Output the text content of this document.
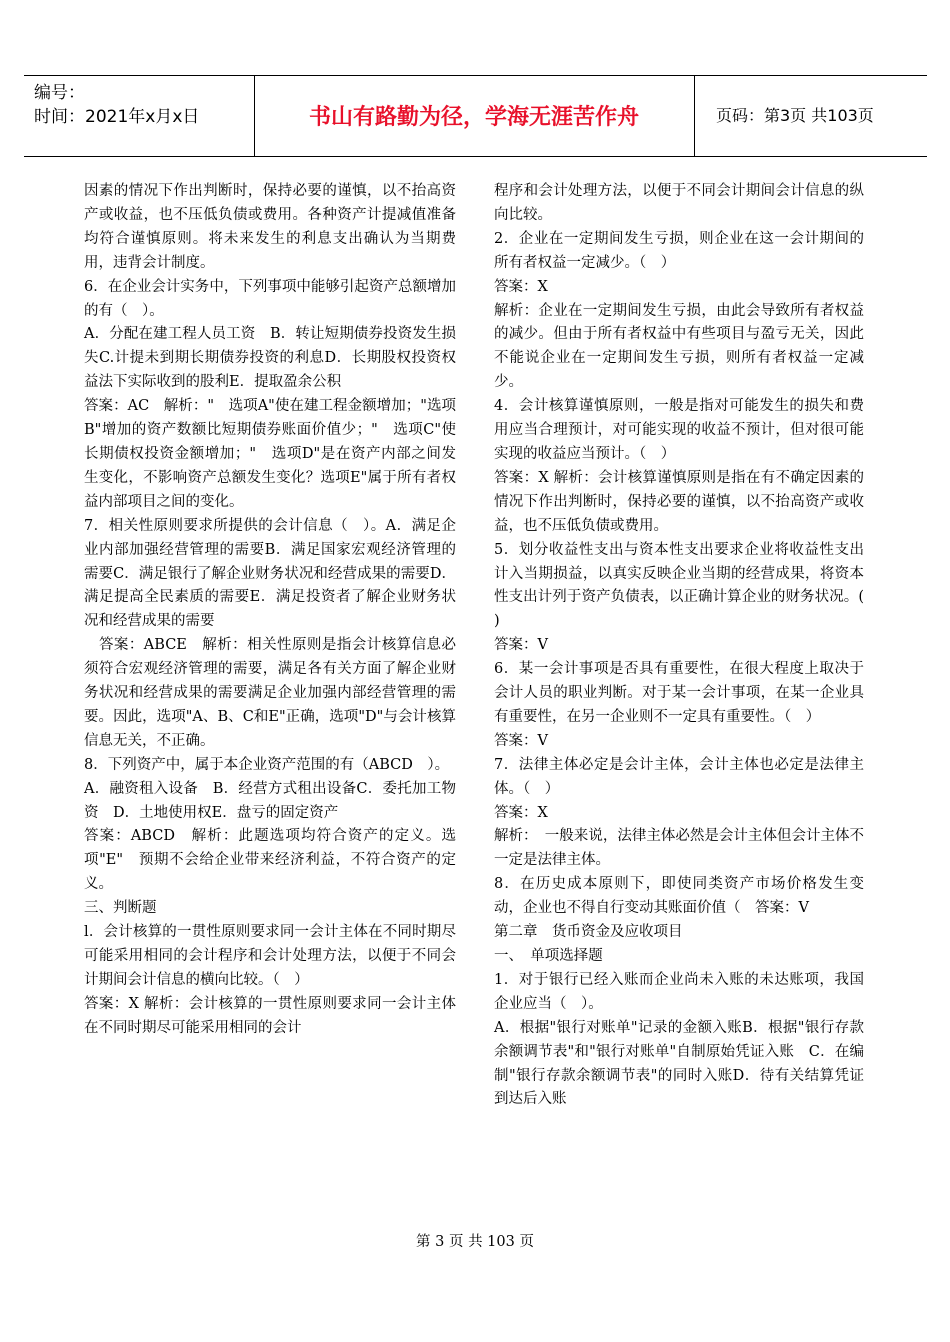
编号：
时间：2021年x月x日	书山有路勤为径，学海无涯苦作舟	页码：第3页 共103页

因素的情况下作出判断时，保持必要的谨慎，以不抬高资产或收益，也不压低负债或费用。各种资产计提减值准备均符合谨慎原则。将未来发生的利息支出确认为当期费用，违背会计制度。

6．在企业会计实务中，下列事项中能够引起资产总额增加的有（　）。

A．分配在建工程人员工资　B．转让短期债券投资发生损失C.计提未到期长期债券投资的利息D．长期股权投资权益法下实际收到的股利E．提取盈余公积

答案：AC　解析："　选项A"使在建工程金额增加；"选项B"增加的资产数额比短期债券账面价值少；"　选项C"使长期债权投资金额增加；"　选项D"是在资产内部之间发生变化，不影响资产总额发生变化？选项E"属于所有者权益内部项目之间的变化。

7．相关性原则要求所提供的会计信息（　）。A．满足企业内部加强经营管理的需要B．满足国家宏观经济管理的需要C．满足银行了解企业财务状况和经营成果的需要D．满足提高全民素质的需要E．满足投资者了解企业财务状况和经营成果的需要

　答案：ABCE　解析：相关性原则是指会计核算信息必须符合宏观经济管理的需要，满足各有关方面了解企业财务状况和经营成果的需要满足企业加强内部经营管理的需要。因此，选项"A、B、C和E"正确，选项"D"与会计核算信息无关，不正确。

8．下列资产中，属于本企业资产范围的有（ABCD　）。

A．融资租入设备　B．经营方式租出设备C．委托加工物资　D．土地使用权E．盘亏的固定资产

答案：ABCD　解析：此题选项均符合资产的定义。选项"E"　预期不会给企业带来经济利益，不符合资产的定义。

三、判断题

l．会计核算的一贯性原则要求同一会计主体在不同时期尽可能采用相同的会计程序和会计处理方法，以便于不同会计期间会计信息的横向比较。（　）

答案：X 解析：会计核算的一贯性原则要求同一会计主体在不同时期尽可能采用相同的会计

程序和会计处理方法，以便于不同会计期间会计信息的纵向比较。

2．企业在一定期间发生亏损，则企业在这一会计期间的所有者权益一定减少。（　）

答案：X

解析：企业在一定期间发生亏损，由此会导致所有者权益的减少。但由于所有者权益中有些项目与盈亏无关，因此不能说企业在一定期间发生亏损，则所有者权益一定减少。

4．会计核算谨慎原则，一般是指对可能发生的损失和费用应当合理预计，对可能实现的收益不预计，但对很可能实现的收益应当预计。（　）

答案：X 解析：会计核算谨慎原则是指在有不确定因素的情况下作出判断时，保持必要的谨慎，以不抬高资产或收益，也不压低负债或费用。

5．划分收益性支出与资本性支出要求企业将收益性支出计入当期损益，以真实反映企业当期的经营成果，将资本性支出计列于资产负债表，以正确计算企业的财务状况。( )

答案：V

6．某一会计事项是否具有重要性，在很大程度上取决于会计人员的职业判断。对于某一会计事项，在某一企业具有重要性，在另一企业则不一定具有重要性。（　）

答案：V

7．法律主体必定是会计主体，会计主体也必定是法律主体。（　）

答案：X

解析：　一般来说，法律主体必然是会计主体但会计主体不一定是法律主体。

8．在历史成本原则下，即使同类资产市场价格发生变动，企业也不得自行变动其账面价值（　答案：V

第二章　货币资金及应收项目

一、　单项选择题

1．对于银行已经入账而企业尚未入账的未达账项，我国企业应当（　）。

A．根据"银行对账单"记录的金额入账B．根据"银行存款余额调节表"和"银行对账单"自制原始凭证入账　C．在编制"银行存款余额调节表"的同时入账D．待有关结算凭证到达后入账

第 3 页 共 103 页
